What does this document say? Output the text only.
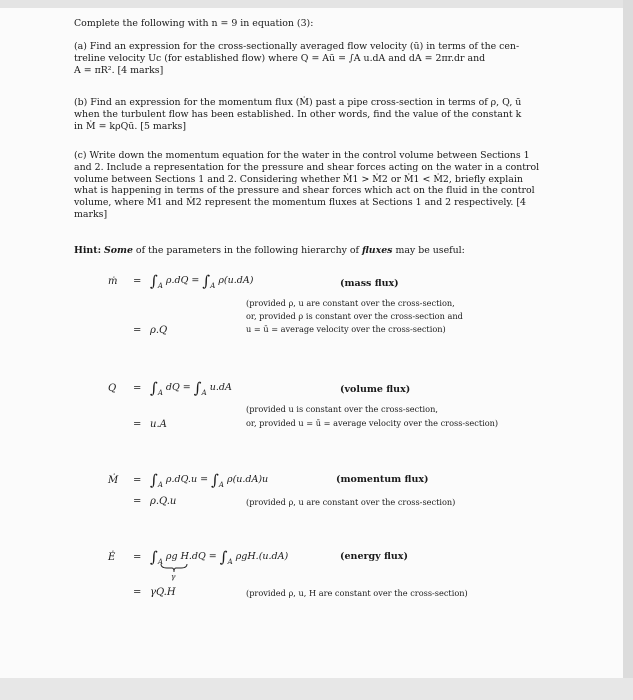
Complete the following with n = 9 in equation (3):
(a) Find an expression for the cross-sectionally averaged flow velocity (ū) in terms of the cen-
treline velocity Uc (for established flow) where Q = Aū = ∫A u.dA and dA = 2πr.dr and
A = πR². [4 marks]
(b) Find an expression for the momentum flux (Ṁ) past a pipe cross-section in terms of ρ, Q, ū
when the turbulent flow has been established. In other words, find the value of the constant k
in Ṁ = kρQū. [5 marks]
(c) Write down the momentum equation for the water in the control volume between Sections 1
and 2. Include a representation for the pressure and shear forces acting on the water in a control
volume between Sections 1 and 2. Considering whether Ṁ1 > Ṁ2 or Ṁ1 < Ṁ2, briefly explain
what is happening in terms of the pressure and shear forces which act on the fluid in the control
volume, where Ṁ1 and Ṁ2 represent the momentum fluxes at Sections 1 and 2 respectively. [4
marks]
Hint: Some of the parameters in the following hierarchy of fluxes may be useful:
ṁ = $\int_A$ $\rho.dQ = \int_A$ ρ(u.dA)	(mass flux)
(provided ρ, u are constant over the cross-section,
or, provided ρ is constant over the cross-section and
u = ū = average velocity over the cross-section)
= ρ.Q
$Q = \int_A$ dQ = $\int_A$ u.dA	(volume flux)
(provided u is constant over the cross-section,
or, provided u = ū = average velocity over the cross-section)
= u.A
Ṁ = $\int_A$ $\rho.dQ.u = \int_A$ ρ(u.dA)u	(momentum flux)
= ρ.Q.u	(provided ρ, u are constant over the cross-section)
Ė = $\int_A$ ρg $H.dQ = \int_A$ ρgH.(u.dA)
γ
(energy flux)
= γQ.H	(provided ρ, u, H are constant over the cross-section)
